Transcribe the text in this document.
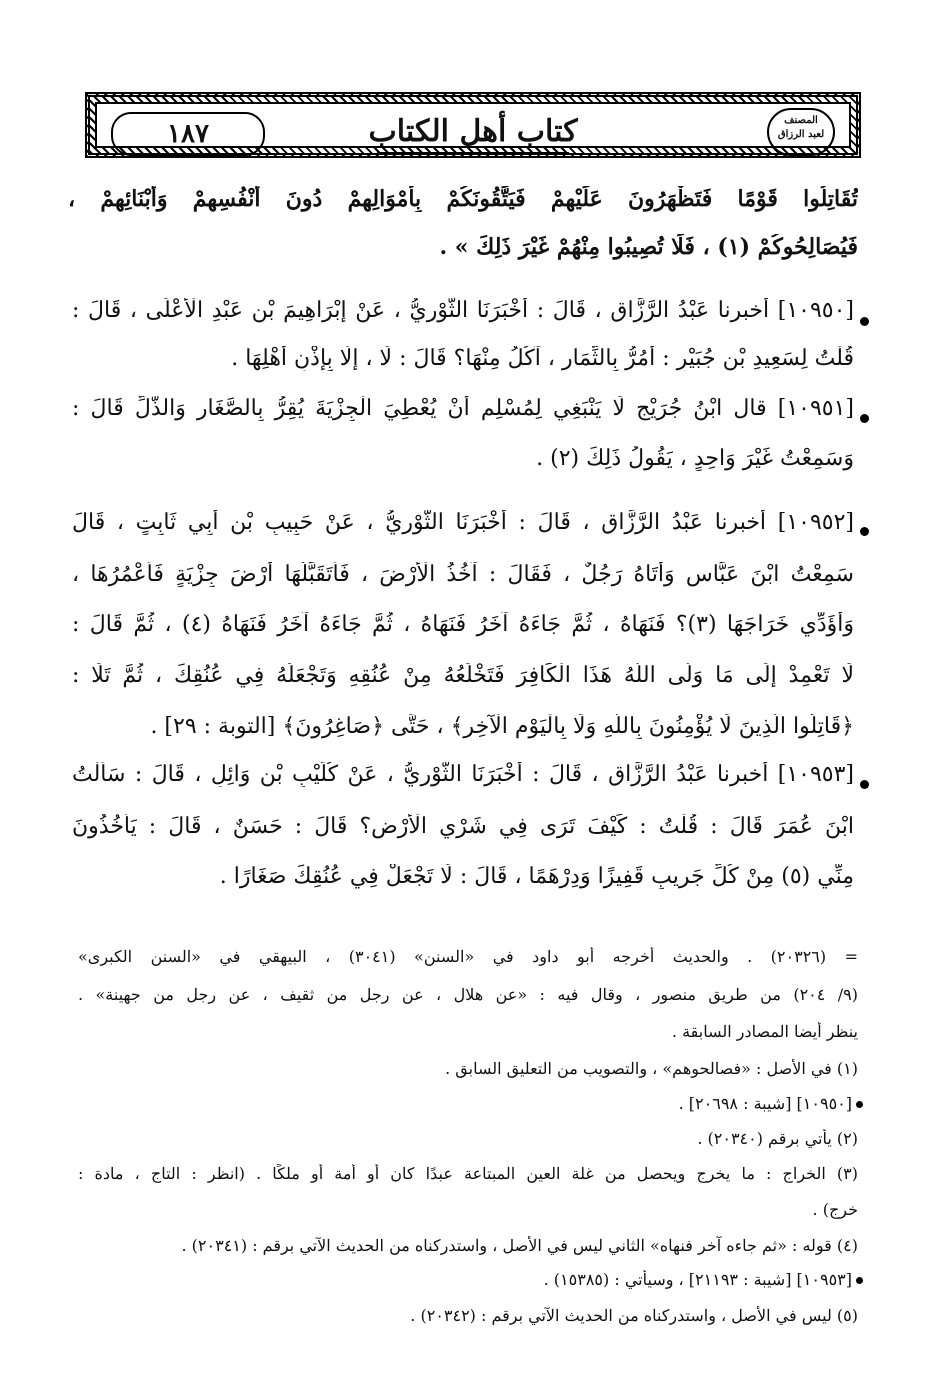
١٨٧	كتاب أهل الكتاب	المصنف
لعبد الرزاق
تُقَاتِلُوا قَوْمًا فَتَظْهَرُونَ عَلَيْهِمْ فَيَتَّقُونَكُمْ بِأَمْوَالِهِمْ دُونَ أَنْفُسِهِمْ وَأَبْنَائِهِمْ ،
فَيُصَالِحُوكُمْ (١) ، فَلَا تُصِيبُوا مِنْهُمْ غَيْرَ ذَلِكَ » .
[١٠٩٥٠] أخبرنا عَبْدُ الرَّزَّاقِ ، قَالَ : أَخْبَرَنَا الثَّوْرِيُّ ، عَنْ إِبْرَاهِيمَ بْنِ عَبْدِ الْأَعْلَى ، قَالَ :
قُلْتُ لِسَعِيدِ بْنِ جُبَيْرٍ : أَمُرُّ بِالثِّمَارِ ، آكُلُ مِنْهَا؟ قَالَ : لَا ، إِلَّا بِإِذْنِ أَهْلِهَا .
[١٠٩٥١] قال ابْنُ جُرَيْجٍ لَا يَنْبَغِي لِمُسْلِمٍ أَنْ يُعْطِيَ الْجِزْيَةَ يُقِرُّ بِالصَّغَارِ وَالذُّلِّ قَالَ :
وَسَمِعْتُ غَيْرَ وَاحِدٍ ، يَقُولُ ذَلِكَ (٢) .
[١٠٩٥٢] أخبرنا عَبْدُ الرَّزَّاقِ ، قَالَ : أَخْبَرَنَا الثَّوْرِيُّ ، عَنْ حَبِيبِ بْنِ أَبِي ثَابِتٍ ، قَالَ
سَمِعْتُ ابْنَ عَبَّاسٍ وَأَتَاهُ رَجُلٌ ، فَقَالَ : آخُذُ الْأَرْضَ ، فَأَتَقَبَّلُهَا أَرْضَ جِزْيَةٍ فَأَعْمُرُهَا ،
وَأُؤَدِّي خَرَاجَهَا (٣)؟ فَنَهَاهُ ، ثُمَّ جَاءَهُ آخَرُ فَنَهَاهُ ، ثُمَّ جَاءَهُ آخَرُ فَنَهَاهُ (٤) ، ثُمَّ قَالَ :
لَا تَعْمِدْ إِلَى مَا وَلَّى اللَّهُ هَذَا الْكَافِرَ فَتَخْلَعُهُ مِنْ عُنُقِهِ وَتَجْعَلُهُ فِي عُنُقِكَ ، ثُمَّ تَلَا :
﴿قَاتِلُوا الَّذِينَ لَا يُؤْمِنُونَ بِاللَّهِ وَلَا بِالْيَوْمِ الْآخِرِ﴾ ، حَتَّى ﴿صَاغِرُونَ﴾ [التوبة : ٢٩] .
[١٠٩٥٣] أخبرنا عَبْدُ الرَّزَّاقِ ، قَالَ : أَخْبَرَنَا الثَّوْرِيُّ ، عَنْ كُلَيْبِ بْنِ وَائِلٍ ، قَالَ : سَأَلْتُ
ابْنَ عُمَرَ قَالَ : قُلْتُ : كَيْفَ تَرَى فِي شَرْيِ الْأَرْضِ؟ قَالَ : حَسَنٌ ، قَالَ : يَأْخُذُونَ
مِنِّي (٥) مِنْ كُلِّ جَرِيبٍ قَفِيزًا وَدِرْهَمًا ، قَالَ : لَا تَجْعَلْ فِي عُنُقِكَ صَغَارًا .
= (٢٠٣٢٦) . والحديث أخرجه أبو داود في «السنن» (٣٠٤١) ، البيهقي في «السنن الكبرى»
(٩/ ٢٠٤) من طريق منصور ، وقال فيه : «عن هلال ، عن رجل من ثقيف ، عن رجل من جهينة» .
ينظر أيضا المصادر السابقة .
(١) في الأصل : «فصالحوهم» ، والتصويب من التعليق السابق .
[١٠٩٥٠] [شيبة : ٢٠٦٩٨] .
(٢) يأتي برقم (٢٠٣٤٠) .
(٣) الخراج : ما يخرج ويحصل من غلة العين المبتاعة عبدًا كان أو أمة أو ملكًا . (انظر : التاج ، مادة :
خرج) .
(٤) قوله : «ثم جاءه آخر فنهاه» الثاني ليس في الأصل ، واستدركناه من الحديث الآتي برقم : (٢٠٣٤١) .
[١٠٩٥٣] [شيبة : ٢١١٩٣] ، وسيأتي : (١٥٣٨٥) .
(٥) ليس في الأصل ، واستدركناه من الحديث الآتي برقم : (٢٠٣٤٢) .
